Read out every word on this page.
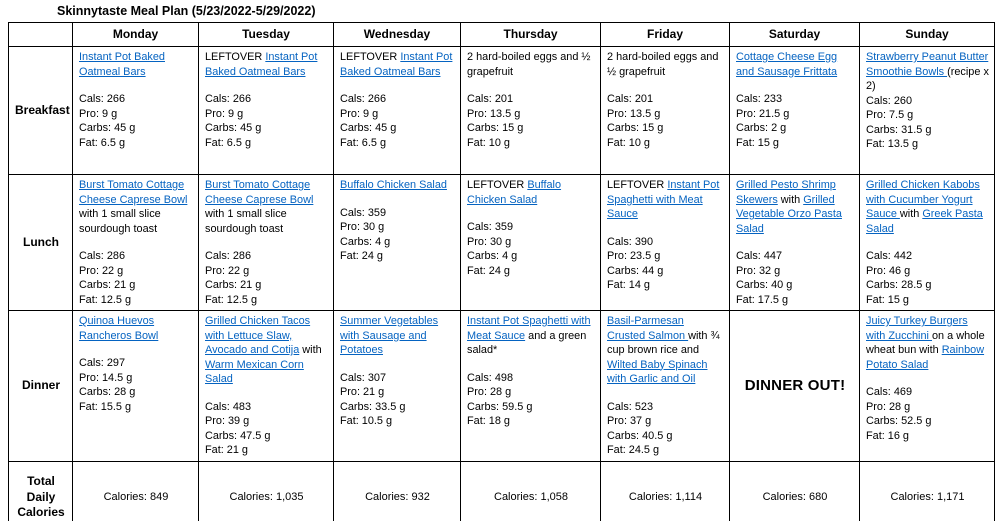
Skinnytaste Meal Plan (5/23/2022-5/29/2022)
	Monday	Tuesday	Wednesday	Thursday	Friday	Saturday	Sunday
Breakfast	
Instant Pot Baked Oatmeal Bars
Cals: 266
Pro: 9 g
Carbs: 45 g
Fat: 6.5 g

LEFTOVER Instant Pot Baked Oatmeal Bars
Cals: 266
Pro: 9 g
Carbs: 45 g
Fat: 6.5 g

LEFTOVER Instant Pot Baked Oatmeal Bars
Cals: 266
Pro: 9 g
Carbs: 45 g
Fat: 6.5 g

2 hard-boiled eggs and ½ grapefruit
Cals: 201
Pro: 13.5 g
Carbs: 15 g
Fat: 10 g

2 hard-boiled eggs and ½ grapefruit
Cals: 201
Pro: 13.5 g
Carbs: 15 g
Fat: 10 g

Cottage Cheese Egg and Sausage Frittata
Cals: 233
Pro: 21.5 g
Carbs: 2 g
Fat: 15 g

Strawberry Peanut Butter Smoothie Bowls (recipe x 2)
Cals: 260
Pro: 7.5 g
Carbs: 31.5 g
Fat: 13.5 g

Lunch	
Burst Tomato Cottage Cheese Caprese Bowl with 1 small slice sourdough toast
Cals: 286
Pro: 22 g
Carbs: 21 g
Fat: 12.5 g

Burst Tomato Cottage Cheese Caprese Bowl with 1 small slice sourdough toast
Cals: 286
Pro: 22 g
Carbs: 21 g
Fat: 12.5 g

Buffalo Chicken Salad
Cals: 359
Pro: 30 g
Carbs: 4 g
Fat: 24 g

LEFTOVER Buffalo Chicken Salad
Cals: 359
Pro: 30 g
Carbs: 4 g
Fat: 24 g

LEFTOVER Instant Pot Spaghetti with Meat Sauce
Cals: 390
Pro: 23.5 g
Carbs: 44 g
Fat: 14 g

Grilled Pesto Shrimp Skewers with Grilled Vegetable Orzo Pasta Salad
Cals: 447
Pro: 32 g
Carbs: 40 g
Fat: 17.5 g

Grilled Chicken Kabobs with Cucumber Yogurt Sauce with Greek Pasta Salad
Cals: 442
Pro: 46 g
Carbs: 28.5 g
Fat: 15 g

Dinner	
Quinoa Huevos Rancheros Bowl
Cals: 297
Pro: 14.5 g
Carbs: 28 g
Fat: 15.5 g

Grilled Chicken Tacos with Lettuce Slaw, Avocado and Cotija with Warm Mexican Corn Salad
Cals: 483
Pro: 39 g
Carbs: 47.5 g
Fat: 21 g

Summer Vegetables with Sausage and Potatoes
Cals: 307
Pro: 21 g
Carbs: 33.5 g
Fat: 10.5 g

Instant Pot Spaghetti with Meat Sauce and a green salad*
Cals: 498
Pro: 28 g
Carbs: 59.5 g
Fat: 18 g

Basil-Parmesan Crusted Salmon with ¾ cup brown rice and Wilted Baby Spinach with Garlic and Oil
Cals: 523
Pro: 37 g
Carbs: 40.5 g
Fat: 24.5 g

DINNER OUT!

Juicy Turkey Burgers with Zucchini on a whole wheat bun with Rainbow Potato Salad
Cals: 469
Pro: 28 g
Carbs: 52.5 g
Fat: 16 g

Total Daily Calories	Calories: 849	Calories: 1,035	Calories: 932	Calories: 1,058	Calories: 1,114	Calories: 680	Calories: 1,171
